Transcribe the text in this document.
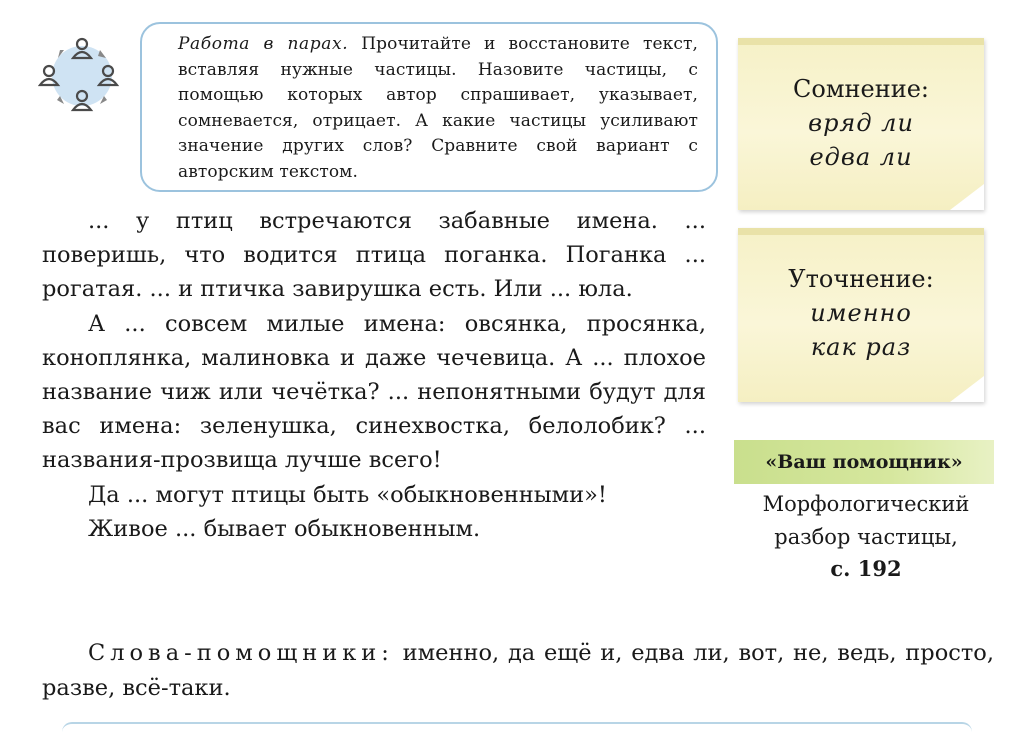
Работа в парах. Прочитайте и восстановите текст, вставляя нужные частицы. Назовите частицы, с помощью которых автор спрашивает, указывает, сомневается, отрицает. А какие частицы усиливают значение других слов? Сравните свой вариант с авторским текстом.

... у птиц встречаются забавные имена. ... поверишь, что водится птица поганка. Поганка ... рогатая. ... и птичка завирушка есть. Или ... юла.

А ... совсем милые имена: овсянка, просянка, коноплянка, малиновка и даже чечевица. А ... плохое название чиж или чечётка? ... непонятными будут для вас имена: зеленушка, синехвостка, белолобик? ... названия-прозвища лучше всего!

Да ... могут птицы быть «обыкновенными»!

Живое ... бывает обыкновенным.

Слова-помощники: именно, да ещё и, едва ли, вот, не, ведь, просто, разве, всё-таки.

Сомнение:
вряд ли
едва ли
Уточнение:
именно
как раз
«Ваш помощник»
Морфологический
разбор частицы,
с. 192
